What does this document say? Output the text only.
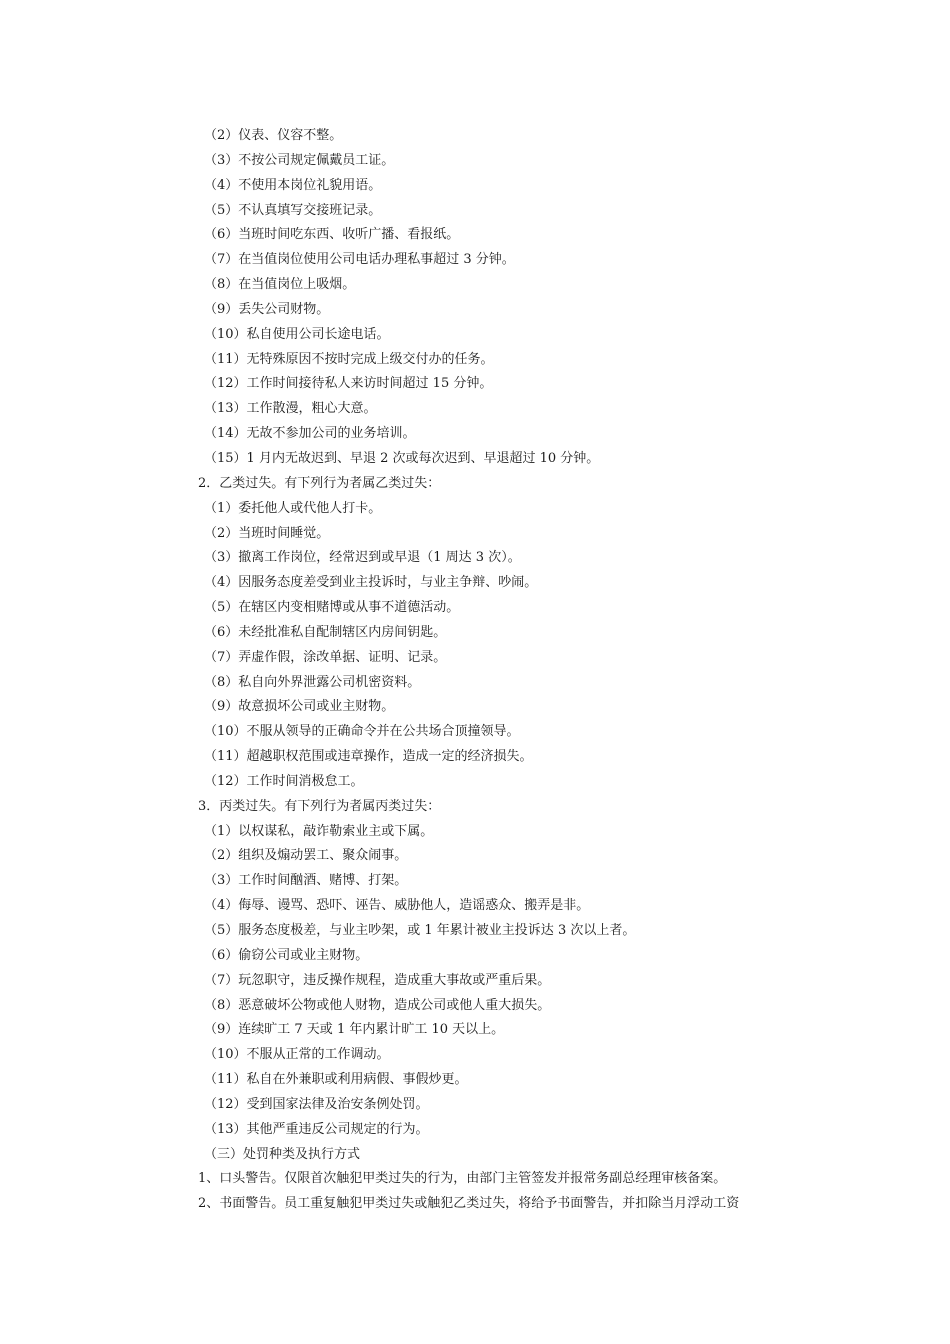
（2）仪表、仪容不整。
（3）不按公司规定佩戴员工证。
（4）不使用本岗位礼貌用语。
（5）不认真填写交接班记录。
（6）当班时间吃东西、收听广播、看报纸。
（7）在当值岗位使用公司电话办理私事超过 3 分钟。
（8）在当值岗位上吸烟。
（9）丢失公司财物。
（10）私自使用公司长途电话。
（11）无特殊原因不按时完成上级交付办的任务。
（12）工作时间接待私人来访时间超过 15 分钟。
（13）工作散漫，粗心大意。
（14）无故不参加公司的业务培训。
（15）1 月内无故迟到、早退 2 次或每次迟到、早退超过 10 分钟。
2．乙类过失。有下列行为者属乙类过失：
（1）委托他人或代他人打卡。
（2）当班时间睡觉。
（3）撤离工作岗位，经常迟到或早退（1 周达 3 次）。
（4）因服务态度差受到业主投诉时，与业主争辩、吵闹。
（5）在辖区内变相赌博或从事不道德活动。
（6）未经批准私自配制辖区内房间钥匙。
（7）弄虚作假，涂改单据、证明、记录。
（8）私自向外界泄露公司机密资料。
（9）故意损坏公司或业主财物。
（10）不服从领导的正确命令并在公共场合顶撞领导。
（11）超越职权范围或违章操作，造成一定的经济损失。
（12）工作时间消极怠工。
3．丙类过失。有下列行为者属丙类过失：
（1）以权谋私，敲诈勒索业主或下属。
（2）组织及煽动罢工、聚众闹事。
（3）工作时间酗酒、赌博、打架。
（4）侮辱、谩骂、恐吓、诬告、威胁他人，造谣惑众、搬弄是非。
（5）服务态度极差，与业主吵架，或 1 年累计被业主投诉达 3 次以上者。
（6）偷窃公司或业主财物。
（7）玩忽职守，违反操作规程，造成重大事故或严重后果。
（8）恶意破坏公物或他人财物，造成公司或他人重大损失。
（9）连续旷工 7 天或 1 年内累计旷工 10 天以上。
（10）不服从正常的工作调动。
（11）私自在外兼职或利用病假、事假炒更。
（12）受到国家法律及治安条例处罚。
（13）其他严重违反公司规定的行为。
（三）处罚种类及执行方式
1、口头警告。仅限首次触犯甲类过失的行为，由部门主管签发并报常务副总经理审核备案。
2、书面警告。员工重复触犯甲类过失或触犯乙类过失，将给予书面警告，并扣除当月浮动工资
